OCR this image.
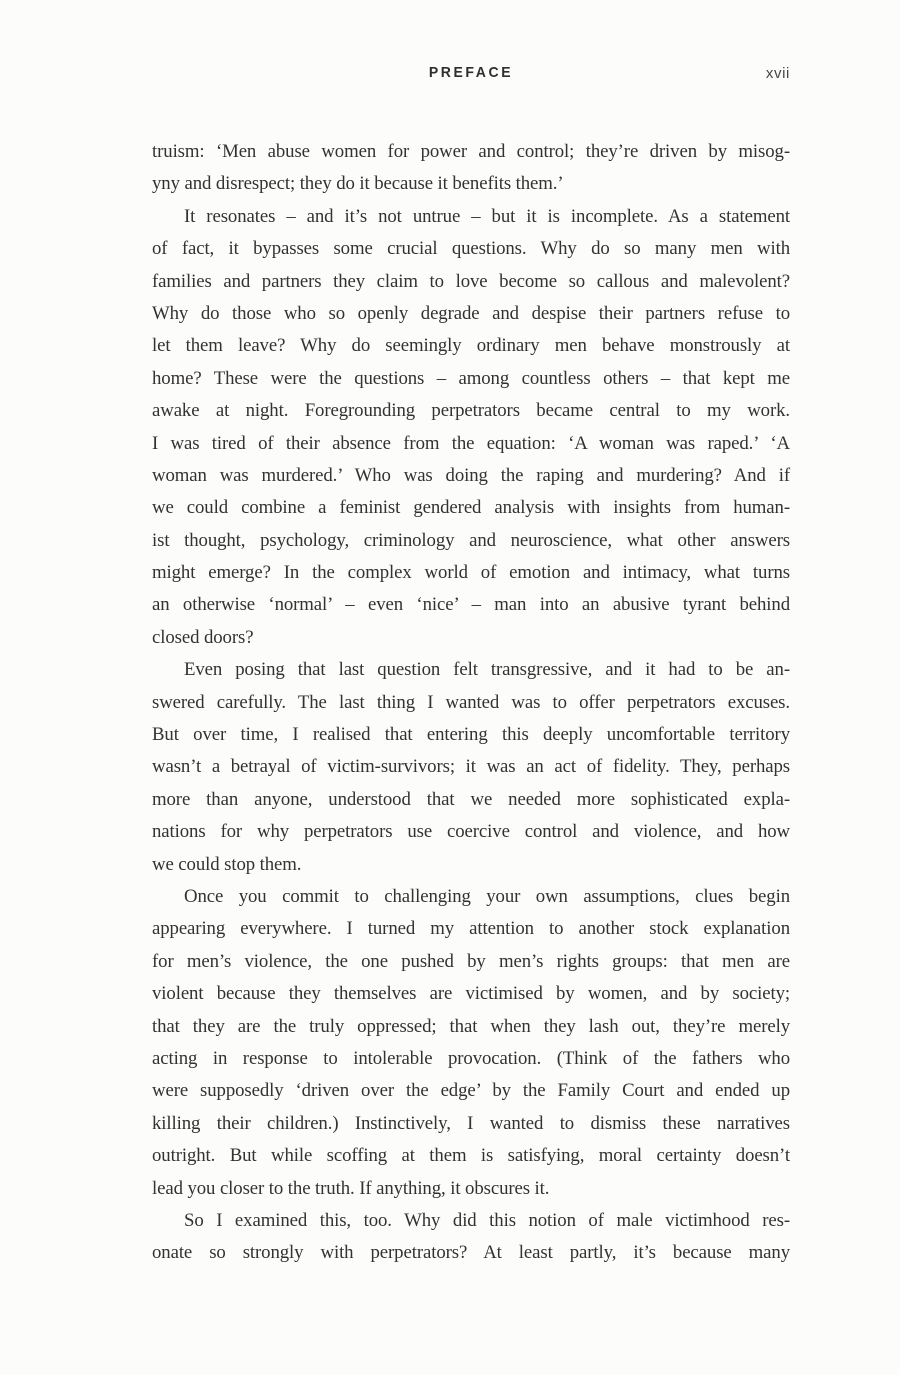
PREFACE	xvii
truism: ‘Men abuse women for power and control; they’re driven by misog-
yny and disrespect; they do it because it benefits them.’
It resonates – and it’s not untrue – but it is incomplete. As a statement
of fact, it bypasses some crucial questions. Why do so many men with
families and partners they claim to love become so callous and malevolent?
Why do those who so openly degrade and despise their partners refuse to
let them leave? Why do seemingly ordinary men behave monstrously at
home? These were the questions – among countless others – that kept me
awake at night. Foregrounding perpetrators became central to my work.
I was tired of their absence from the equation: ‘A woman was raped.’ ‘A
woman was murdered.’ Who was doing the raping and murdering? And if
we could combine a feminist gendered analysis with insights from human-
ist thought, psychology, criminology and neuroscience, what other answers
might emerge? In the complex world of emotion and intimacy, what turns
an otherwise ‘normal’ – even ‘nice’ – man into an abusive tyrant behind
closed doors?
Even posing that last question felt transgressive, and it had to be an-
swered carefully. The last thing I wanted was to offer perpetrators excuses.
But over time, I realised that entering this deeply uncomfortable territory
wasn’t a betrayal of victim-survivors; it was an act of fidelity. They, perhaps
more than anyone, understood that we needed more sophisticated expla-
nations for why perpetrators use coercive control and violence, and how
we could stop them.
Once you commit to challenging your own assumptions, clues begin
appearing everywhere. I turned my attention to another stock explanation
for men’s violence, the one pushed by men’s rights groups: that men are
violent because they themselves are victimised by women, and by society;
that they are the truly oppressed; that when they lash out, they’re merely
acting in response to intolerable provocation. (Think of the fathers who
were supposedly ‘driven over the edge’ by the Family Court and ended up
killing their children.) Instinctively, I wanted to dismiss these narratives
outright. But while scoffing at them is satisfying, moral certainty doesn’t
lead you closer to the truth. If anything, it obscures it.
So I examined this, too. Why did this notion of male victimhood res-
onate so strongly with perpetrators? At least partly, it’s because many
